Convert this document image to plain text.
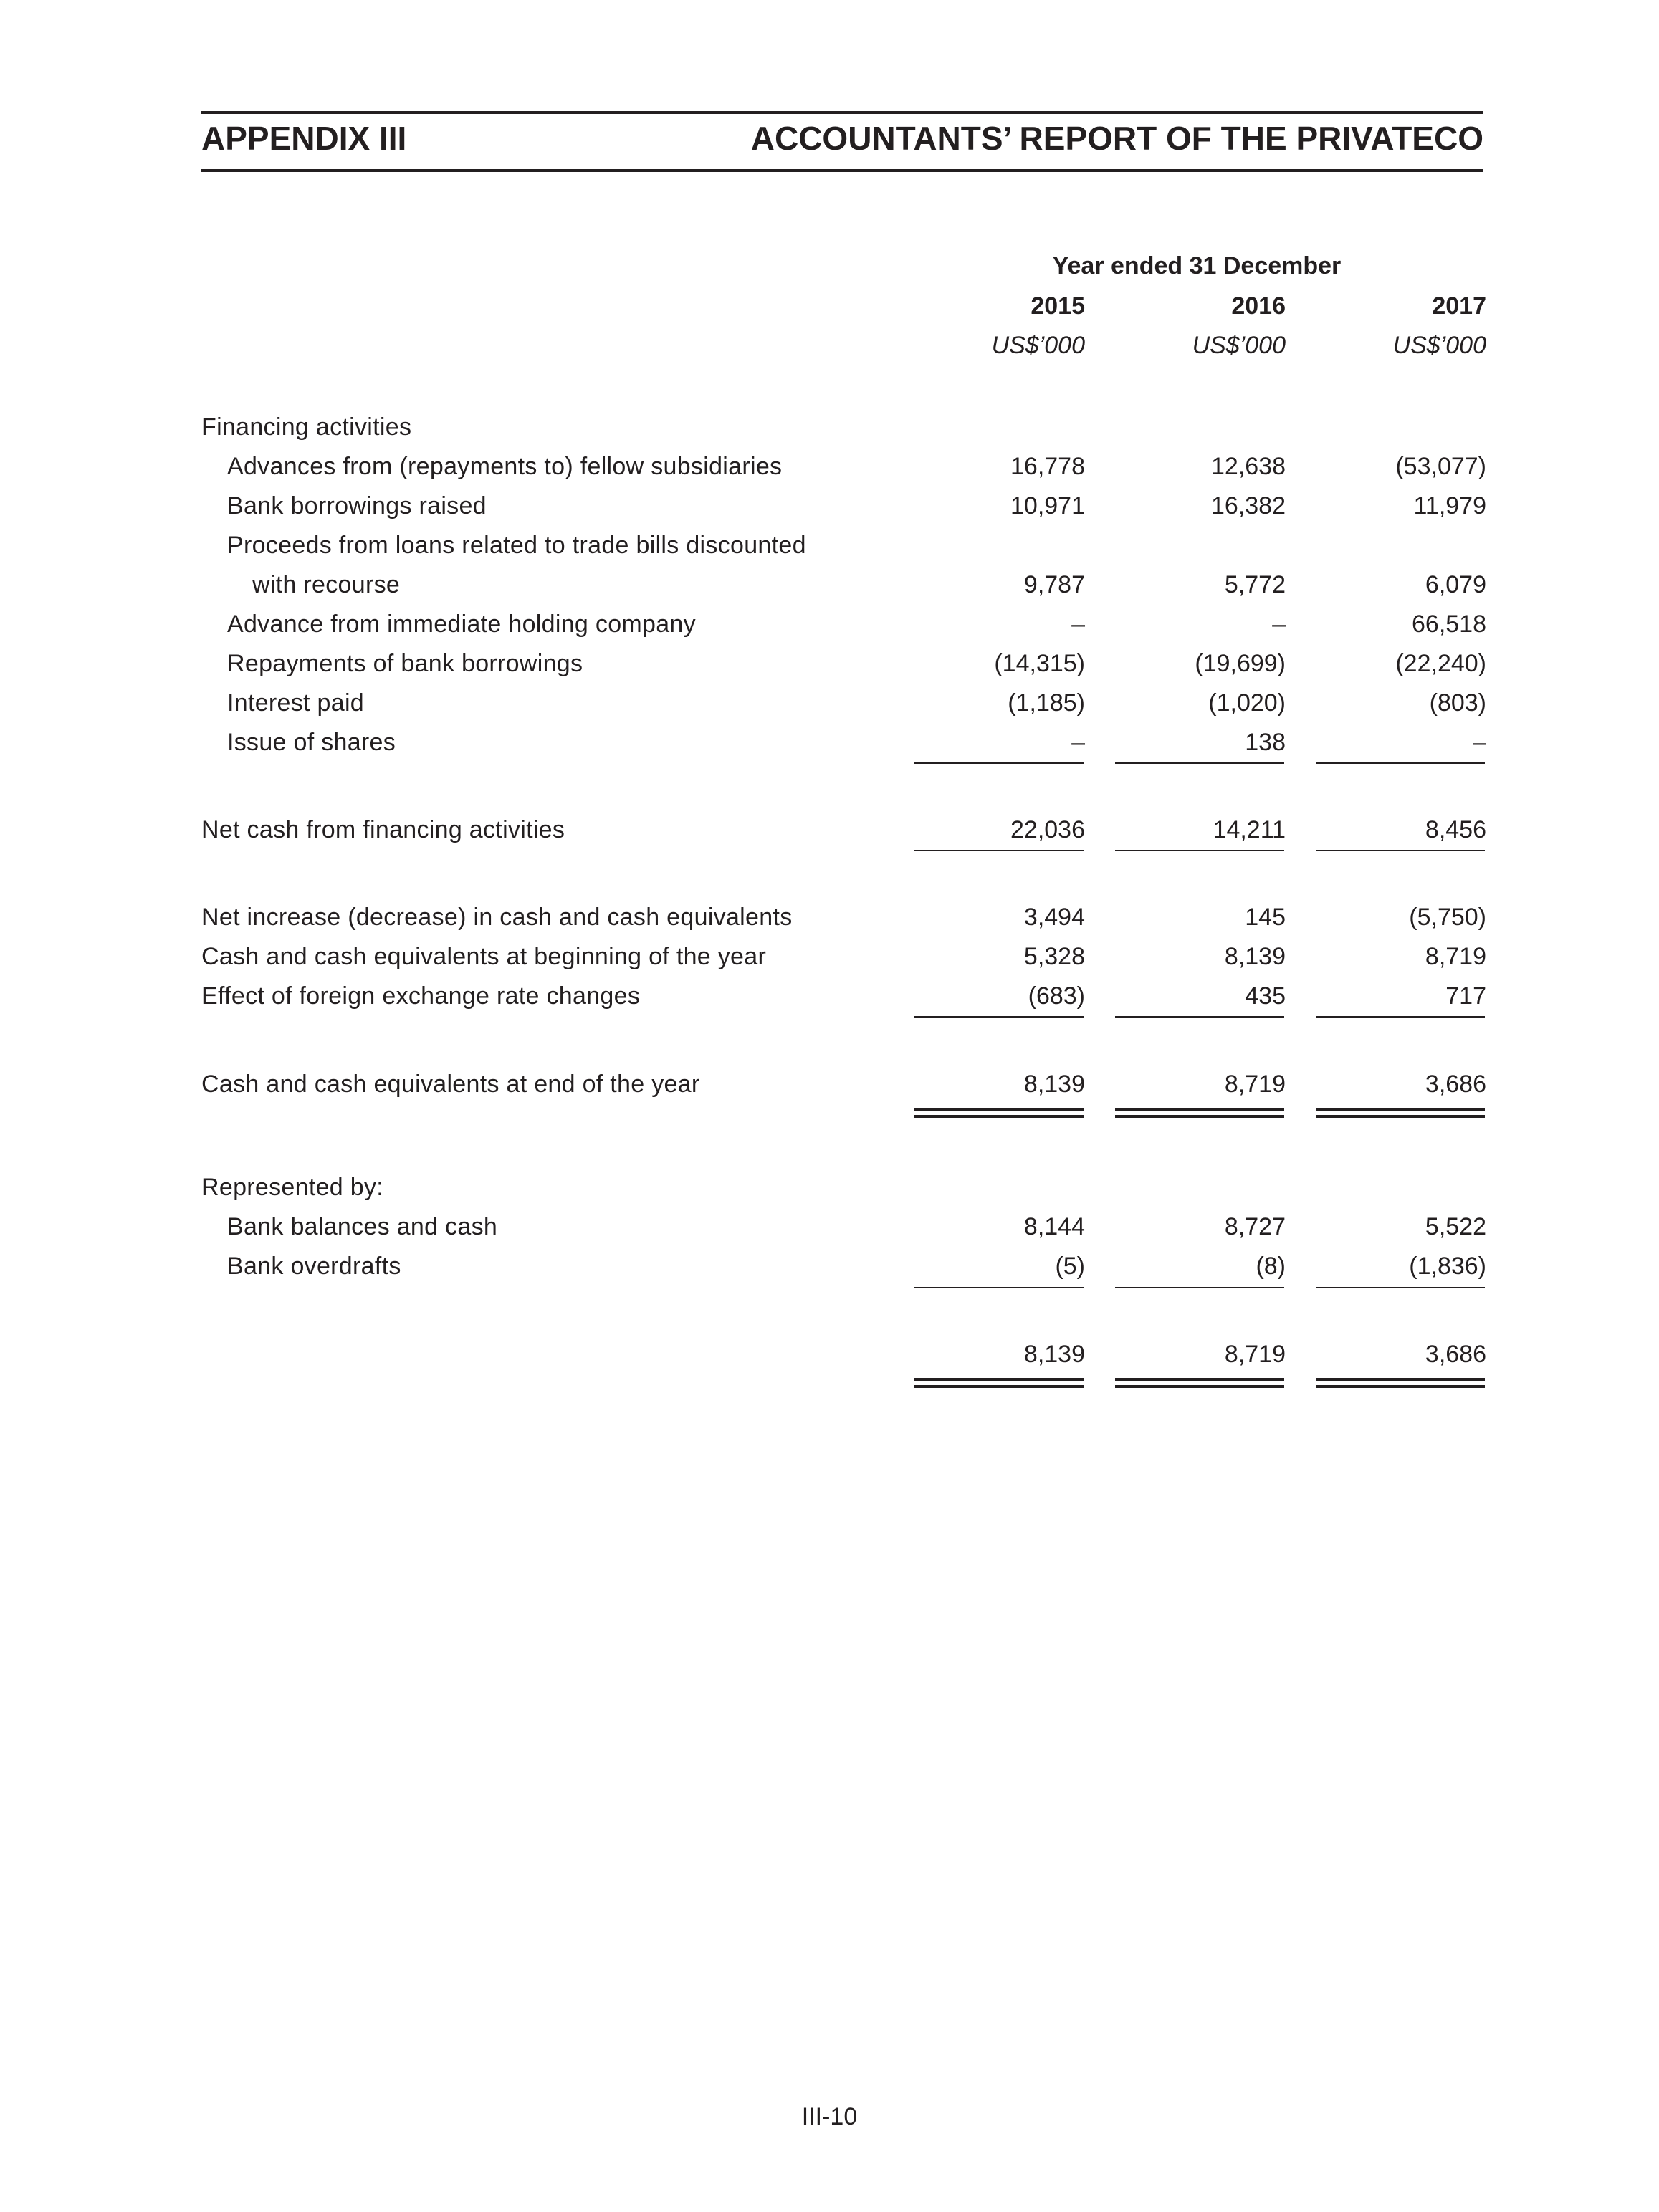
APPENDIX III	ACCOUNTANTS’ REPORT OF THE PRIVATECO
Year ended 31 December
2015	2016	2017
US$’000	US$’000	US$’000
Financing activities
Advances from (repayments to) fellow subsidiaries	16,778	12,638	(53,077)
Bank borrowings raised	10,971	16,382	11,979
Proceeds from loans related to trade bills discounted
with recourse	9,787	5,772	6,079
Advance from immediate holding company	–	–	66,518
Repayments of bank borrowings	(14,315)	(19,699)	(22,240)
Interest paid	(1,185)	(1,020)	(803)
Issue of shares	–	138	–
Net cash from financing activities	22,036	14,211	8,456
Net increase (decrease) in cash and cash equivalents	3,494	145	(5,750)
Cash and cash equivalents at beginning of the year	5,328	8,139	8,719
Effect of foreign exchange rate changes	(683)	435	717
Cash and cash equivalents at end of the year	8,139	8,719	3,686
Represented by:
Bank balances and cash	8,144	8,727	5,522
Bank overdrafts	(5)	(8)	(1,836)
8,139	8,719	3,686
III-10
